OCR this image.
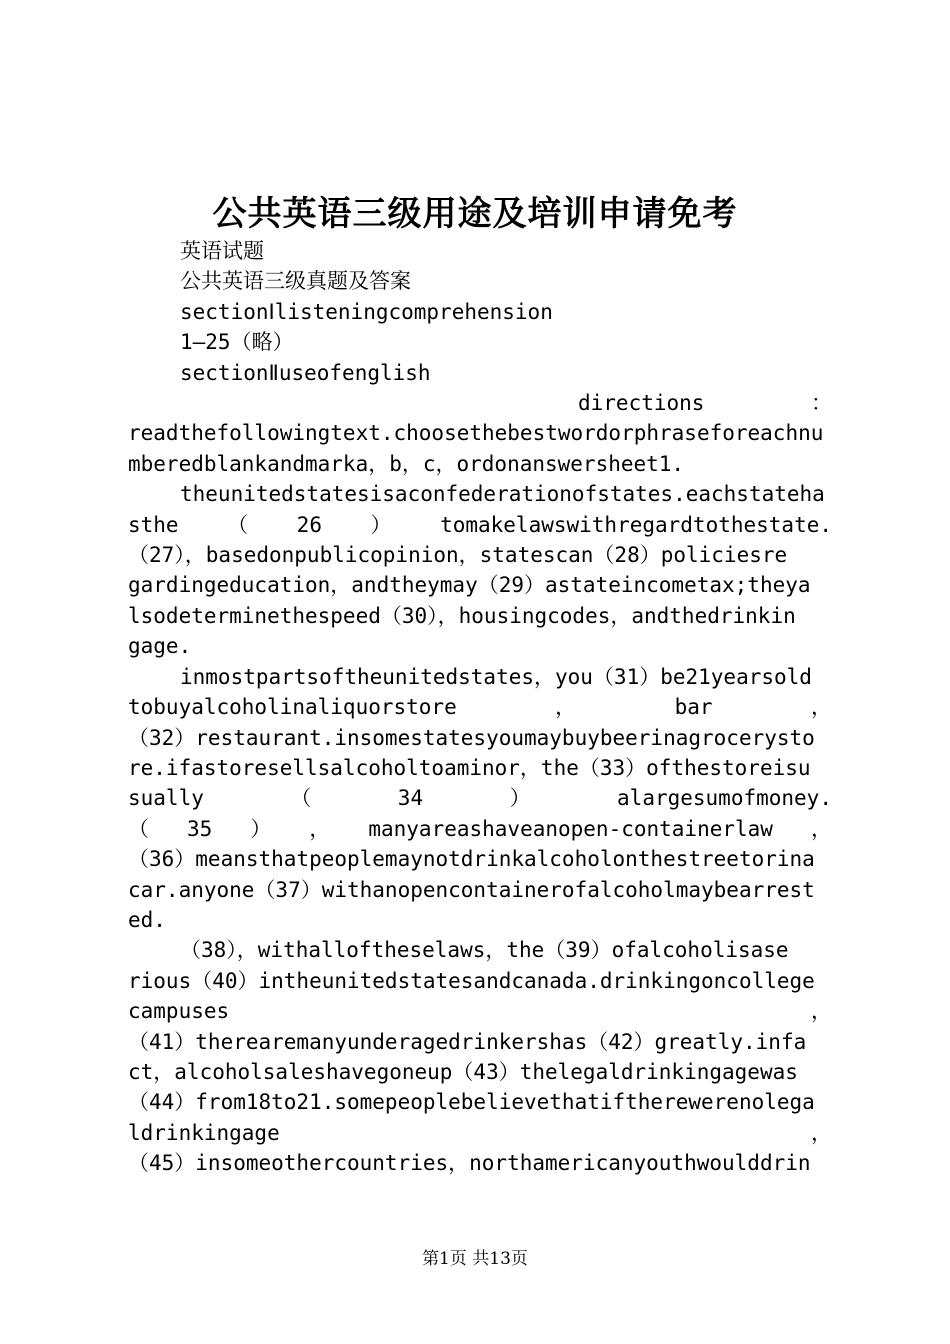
公共英语三级用途及培训申请免考
英语试题
公共英语三级真题及答案
sectionⅠlisteningcomprehension
1—25（略）
sectionⅡuseofenglish
directions	：

readthefollowingtext.choosethebestwordorphraseforeachnu
mberedblankandmarka，b，c，ordonanswersheet1.
theunitedstatesisaconfederationofstates.eachstateha
sthe （ 26 ） tomakelawswithregardtothestate.
（27），basedonpublicopinion，statescan（28）policiesre
gardingeducation，andtheymay（29）astateincometax;theya
lsodeterminethespeed（30），housingcodes，andthedrinkin
gage.
inmostpartsoftheunitedstates，you（31）be21yearsold
tobuyalcoholinaliquorstore	，	bar	，
（32）restaurant.insomestatesyoumaybuybeerinagrocerysto
re.ifastoresellsalcoholtoaminor，the（33）ofthestoreisu
sually	（	34	）	alargesumofmoney.
（ 35 ） ， manyareashaveanopen-containerlaw ，
（36）meansthatpeoplemaynotdrinkalcoholonthestreetorina
car.anyone（37）withanopencontainerofalcoholmaybearrest
ed.
（38），withalloftheselaws，the（39）ofalcoholisase
rious（40）intheunitedstatesandcanada.drinkingoncollege
campuses	，
（41）therearemanyunderagedrinkershas（42）greatly.infa
ct，alcoholsaleshavegoneup（43）thelegaldrinkingagewas
（44）from18to21.somepeoplebelievethatiftherewerenolega
ldrinkingage	，
（45）insomeothercountries，northamericanyouthwoulddrin
第1页 共13页
